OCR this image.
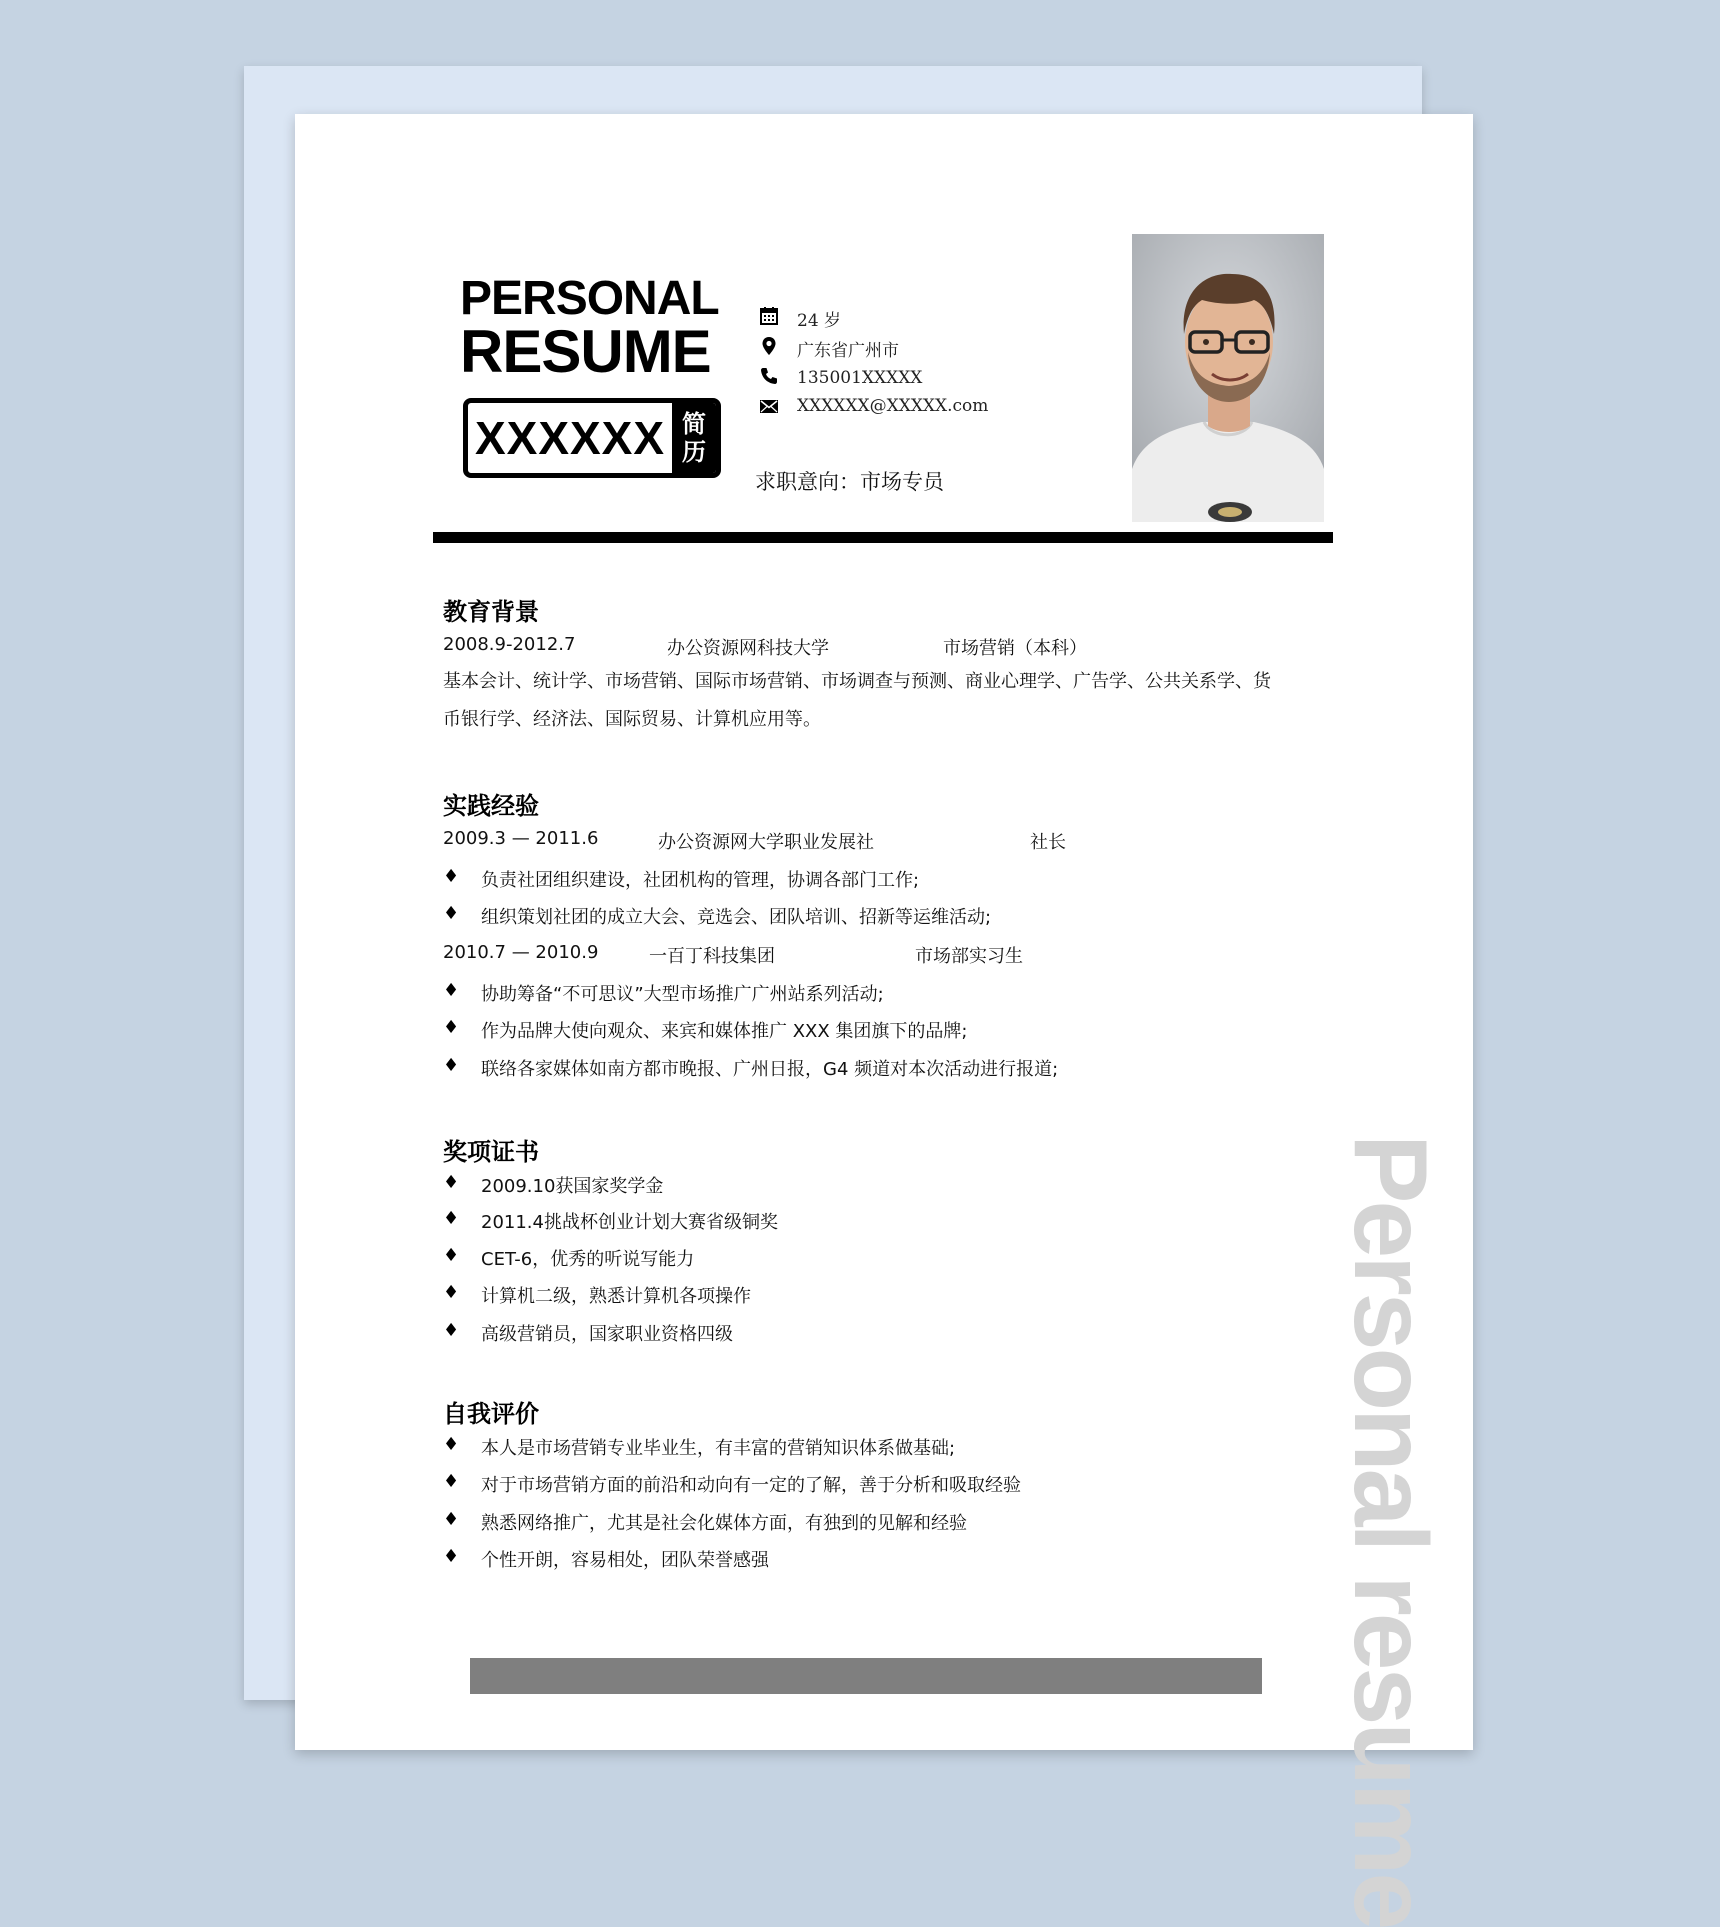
PERSONAL
RESUME
XXXXXX 简
历
24 岁
广东省广州市
135001XXXXX
XXXXXX@XXXXX.com
求职意向：市场专员
教育背景
2008.9-2012.7	办公资源网科技大学	市场营销（本科）
基本会计、统计学、市场营销、国际市场营销、市场调查与预测、商业心理学、广告学、公共关系学、货
币银行学、经济法、国际贸易、计算机应用等。
实践经验
2009.3 — 2011.6	办公资源网大学职业发展社	社长
♦ 负责社团组织建设，社团机构的管理，协调各部门工作;
♦ 组织策划社团的成立大会、竞选会、团队培训、招新等运维活动;
2010.7 — 2010.9	一百丁科技集团	市场部实习生
♦ 协助筹备“不可思议”大型市场推广广州站系列活动;
♦ 作为品牌大使向观众、来宾和媒体推广 XXX 集团旗下的品牌;
♦ 联络各家媒体如南方都市晚报、广州日报，G4 频道对本次活动进行报道;
奖项证书
♦ 2009.10获国家奖学金
♦ 2011.4挑战杯创业计划大赛省级铜奖
♦ CET-6，优秀的听说写能力
♦ 计算机二级，熟悉计算机各项操作
♦ 高级营销员，国家职业资格四级
自我评价
♦ 本人是市场营销专业毕业生，有丰富的营销知识体系做基础;
♦ 对于市场营销方面的前沿和动向有一定的了解，善于分析和吸取经验
♦ 熟悉网络推广，尤其是社会化媒体方面，有独到的见解和经验
♦ 个性开朗，容易相处，团队荣誉感强	Personal resume
